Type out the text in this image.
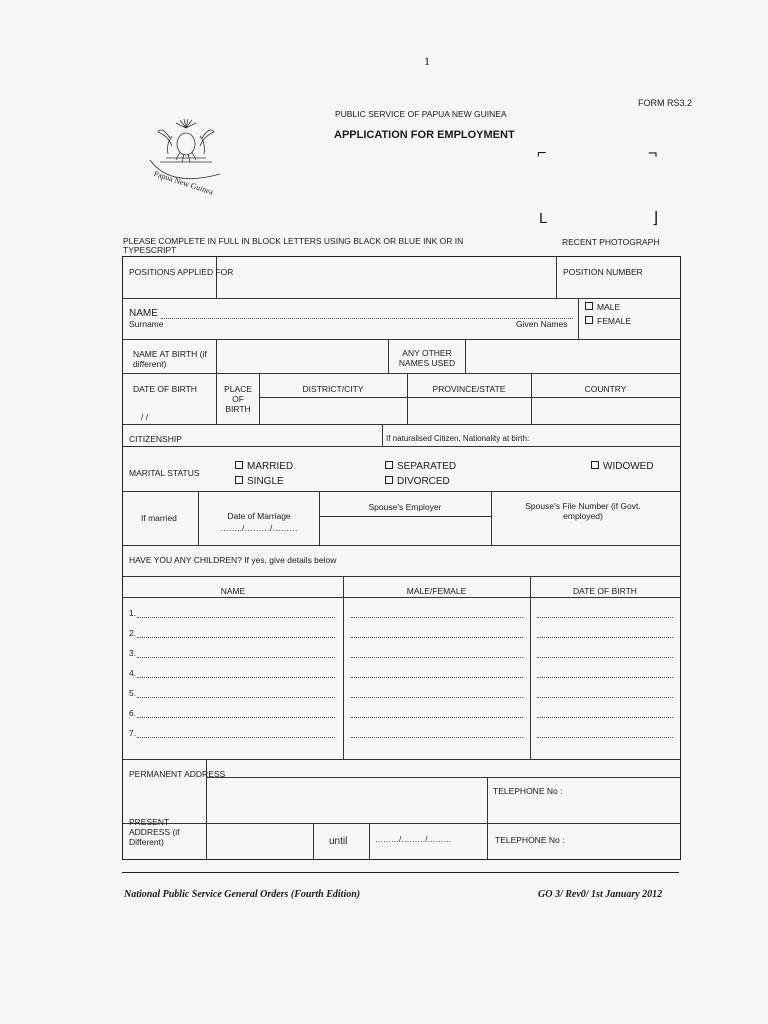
1
FORM RS3.2
PUBLIC SERVICE OF PAPUA NEW GUINEA
APPLICATION FOR EMPLOYMENT
Papua New Guinea
⌐	¬
L	⌋
PLEASE COMPLETE IN FULL IN BLOCK LETTERS USING BLACK OR BLUE INK OR IN TYPESCRIPT
RECENT PHOTOGRAPH
POSITIONS APPLIED FOR	POSITION NUMBER
NAME
Surname	Given Names
MALE
FEMALE
NAME AT BIRTH (if different)
ANY OTHER NAMES USED
DATE OF BIRTH
/ /
PLACE OF BIRTH
DISTRICT/CITY	PROVINCE/STATE	COUNTRY
CITIZENSHIP	If naturalised Citizen, Nationality at birth:
MARITAL STATUS
MARRIED
SINGLE
SEPARATED
DIVORCED
WIDOWED
If married	Date of Marriage
……../………/………
Spouse's Employer	Spouse's File Number (if Govt. employed)
HAVE YOU ANY CHILDREN? If yes, give details below
NAME	MALE/FEMALE	DATE OF BIRTH
1.
2.
3.
4.
5.
6.
7.
PERMANENT ADDRESS
TELEPHONE No :
PRESENT ADDRESS (if Different)	until	………/………/………	TELEPHONE No :
National Public Service General Orders (Fourth Edition)	GO 3/ Rev0/ 1st January 2012
